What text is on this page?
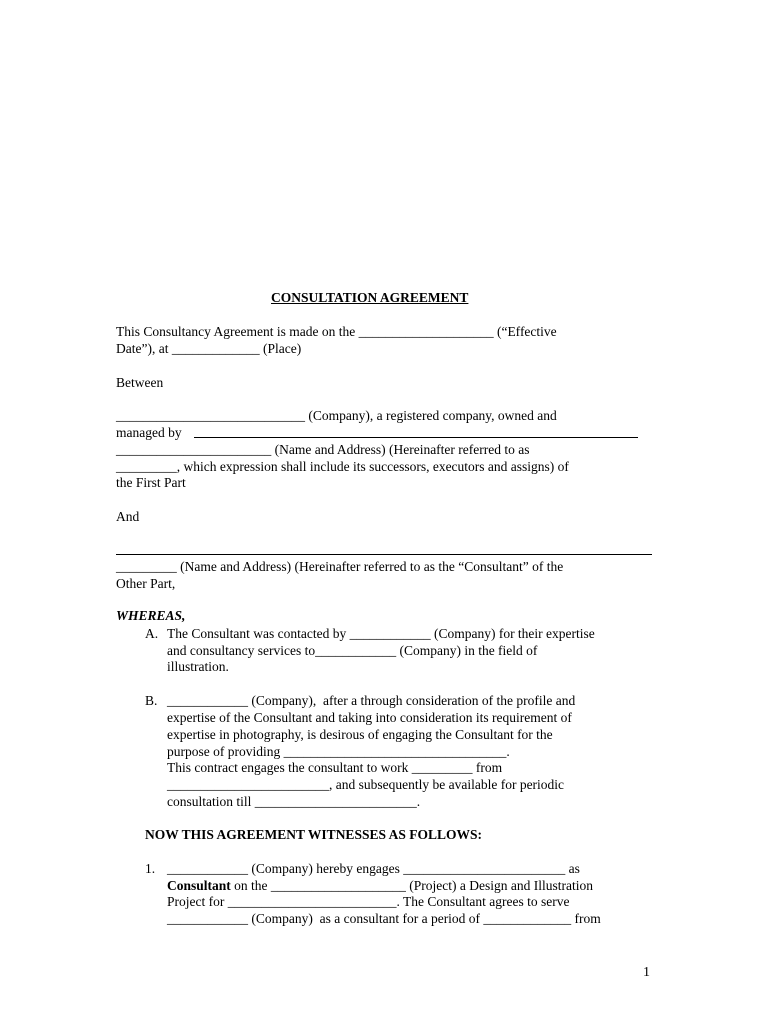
CONSULTATION AGREEMENT
This Consultancy Agreement is made on the ____________________ (“Effective
Date”), at _____________ (Place)
Between
____________________________ (Company), a registered company, owned and
managed by
_______________________ (Name and Address) (Hereinafter referred to as
_________, which expression shall include its successors, executors and assigns) of
the First Part
And
_________ (Name and Address) (Hereinafter referred to as the “Consultant” of the
Other Part,
WHEREAS,
A. The Consultant was contacted by ____________ (Company) for their expertise
and consultancy services to____________ (Company) in the field of
illustration.
B. ____________ (Company),  after a through consideration of the profile and
expertise of the Consultant and taking into consideration its requirement of
expertise in photography, is desirous of engaging the Consultant for the
purpose of providing _________________________________.
This contract engages the consultant to work _________ from
________________________, and subsequently be available for periodic
consultation till ________________________.
NOW THIS AGREEMENT WITNESSES AS FOLLOWS:
1. ____________ (Company) hereby engages ________________________ as
Consultant on the ____________________ (Project) a Design and Illustration
Project for _________________________. The Consultant agrees to serve
____________ (Company)  as a consultant for a period of _____________ from
1
